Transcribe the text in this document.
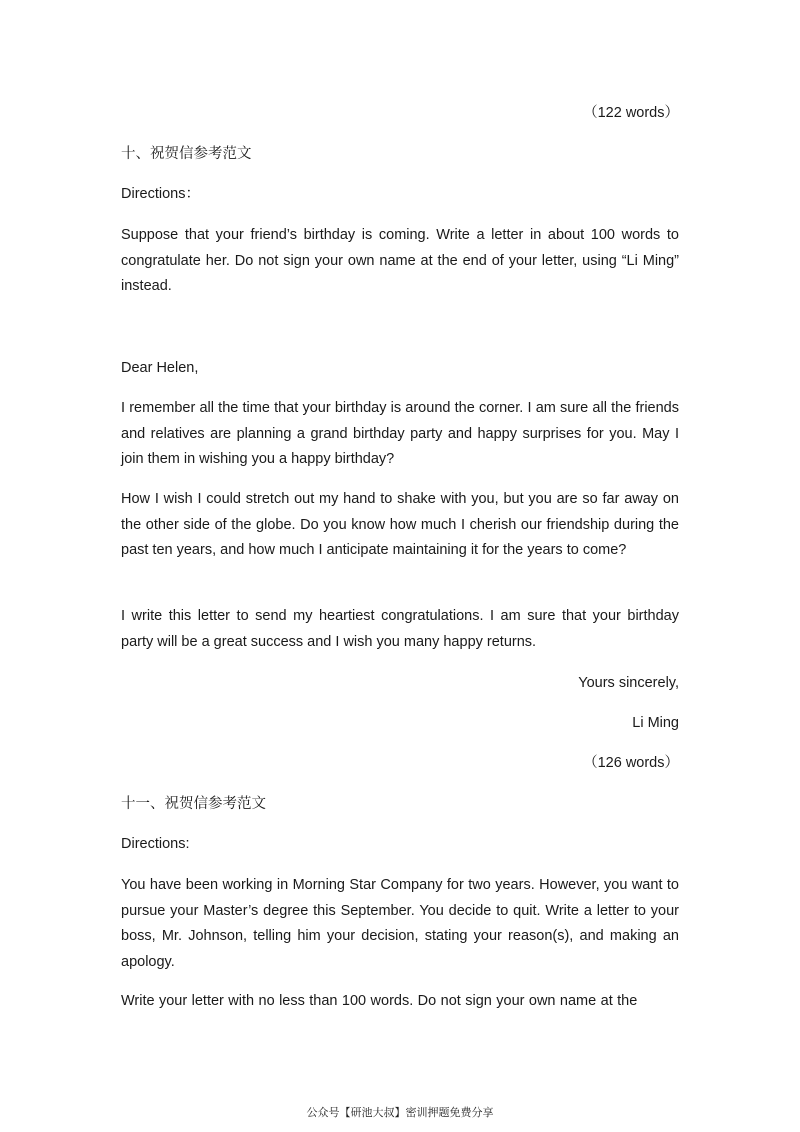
（122 words）
十、祝贺信参考范文
Directions：
Suppose that your friend’s birthday is coming. Write a letter in about 100 words to congratulate her. Do not sign your own name at the end of your letter, using “Li Ming” instead.
Dear Helen,
I remember all the time that your birthday is around the corner. I am sure all the friends and relatives are planning a grand birthday party and happy surprises for you. May I join them in wishing you a happy birthday?
How I wish I could stretch out my hand to shake with you, but you are so far away on the other side of the globe. Do you know how much I cherish our friendship during the past ten years, and how much I anticipate maintaining it for the years to come?
I write this letter to send my heartiest congratulations. I am sure that your birthday party will be a great success and I wish you many happy returns.
Yours sincerely,
Li Ming
（126 words）
十一、祝贺信参考范文
Directions:
You have been working in Morning Star Company for two years. However, you want to pursue your Master’s degree this September. You decide to quit. Write a letter to your boss, Mr. Johnson, telling him your decision, stating your reason(s), and making an apology.
Write your letter with no less than 100 words. Do not sign your own name at the
公众号【研池大叔】密训押题免费分享
